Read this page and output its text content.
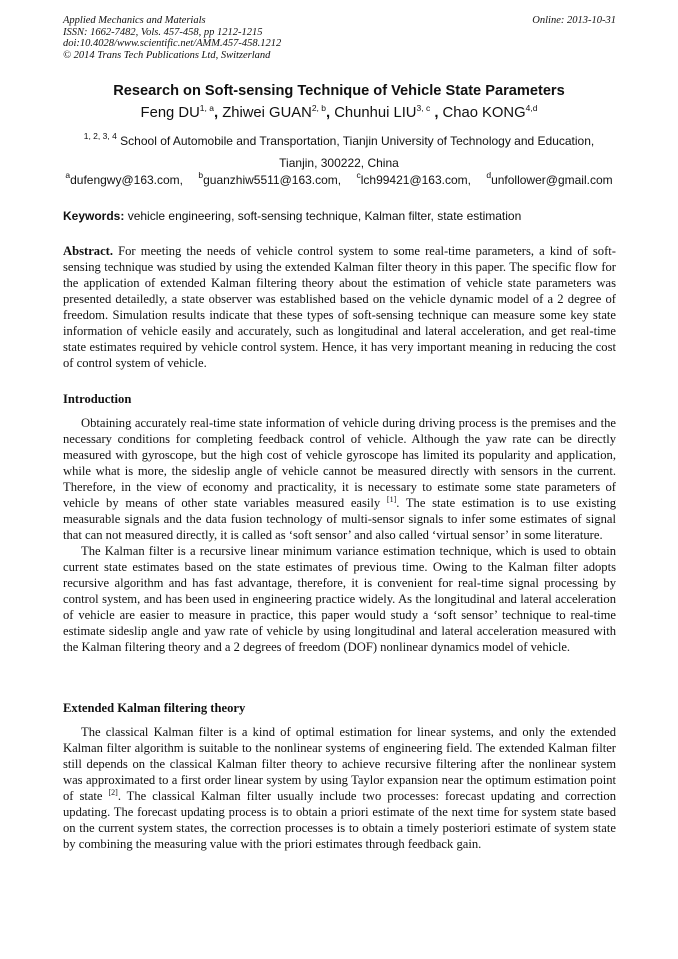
Applied Mechanics and Materials
ISSN: 1662-7482, Vols. 457-458, pp 1212-1215
doi:10.4028/www.scientific.net/AMM.457-458.1212
© 2014 Trans Tech Publications Ltd, Switzerland
Online: 2013-10-31
Research on Soft-sensing Technique of Vehicle State Parameters
Feng DU$^{1, a}$, Zhiwei GUAN$^{2, b}$, Chunhui LIU$^{3, c}$ , Chao KONG$^{4,d}$
$^{1, 2, 3, 4}$ School of Automobile and Transportation, Tianjin University of Technology and Education,
Tianjin, 300222, China
$^a$dufengwy@163.com, $^b$guanzhiw5511@163.com, $^c$lch99421@163.com, $^d$unfollower@gmail.com
Keywords: vehicle engineering, soft-sensing technique, Kalman filter, state estimation

Abstract. For meeting the needs of vehicle control system to some real-time parameters, a kind of soft-sensing technique was studied by using the extended Kalman filter theory in this paper. The specific flow for the application of extended Kalman filtering theory about the estimation of vehicle state parameters was presented detailedly, a state observer was established based on the vehicle dynamic model of a 2 degree of freedom. Simulation results indicate that these types of soft-sensing technique can measure some key state information of vehicle easily and accurately, such as longitudinal and lateral acceleration, and get real-time state estimates required by vehicle control system. Hence, it has very important meaning in reducing the cost of control system of vehicle.

Introduction

Obtaining accurately real-time state information of vehicle during driving process is the premises and the necessary conditions for completing feedback control of vehicle. Although the yaw rate can be directly measured with gyroscope, but the high cost of vehicle gyroscope has limited its popularity and application, while what is more, the sideslip angle of vehicle cannot be measured directly with sensors in the current. Therefore, in the view of economy and practicality, it is necessary to estimate some state parameters of vehicle by means of other state variables measured easily [1]. The state estimation is to use existing measurable signals and the data fusion technology of multi-sensor signals to infer some estimates of signal that can not measured directly, it is called as ‘soft sensor’ and also called ‘virtual sensor’ in some literature.

The Kalman filter is a recursive linear minimum variance estimation technique, which is used to obtain current state estimates based on the state estimates of previous time. Owing to the Kalman filter adopts recursive algorithm and has fast advantage, therefore, it is convenient for real-time signal processing by control system, and has been used in engineering practice widely. As the longitudinal and lateral acceleration of vehicle are easier to measure in practice, this paper would study a ‘soft sensor’ technique to real-time estimate sideslip angle and yaw rate of vehicle by using longitudinal and lateral acceleration measured with the Kalman filtering theory and a 2 degrees of freedom (DOF) nonlinear dynamics model of vehicle.

Extended Kalman filtering theory

The classical Kalman filter is a kind of optimal estimation for linear systems, and only the extended Kalman filter algorithm is suitable to the nonlinear systems of engineering field. The extended Kalman filter still depends on the classical Kalman filter theory to achieve recursive filtering after the nonlinear system was approximated to a first order linear system by using Taylor expansion near the optimum estimation point of state [2]. The classical Kalman filter usually include two processes: forecast updating and correction updating. The forecast updating process is to obtain a priori estimate of the next time for system state based on the current system states, the correction processes is to obtain a timely posteriori estimate of system state by combining the measuring value with the priori estimates through feedback gain.
